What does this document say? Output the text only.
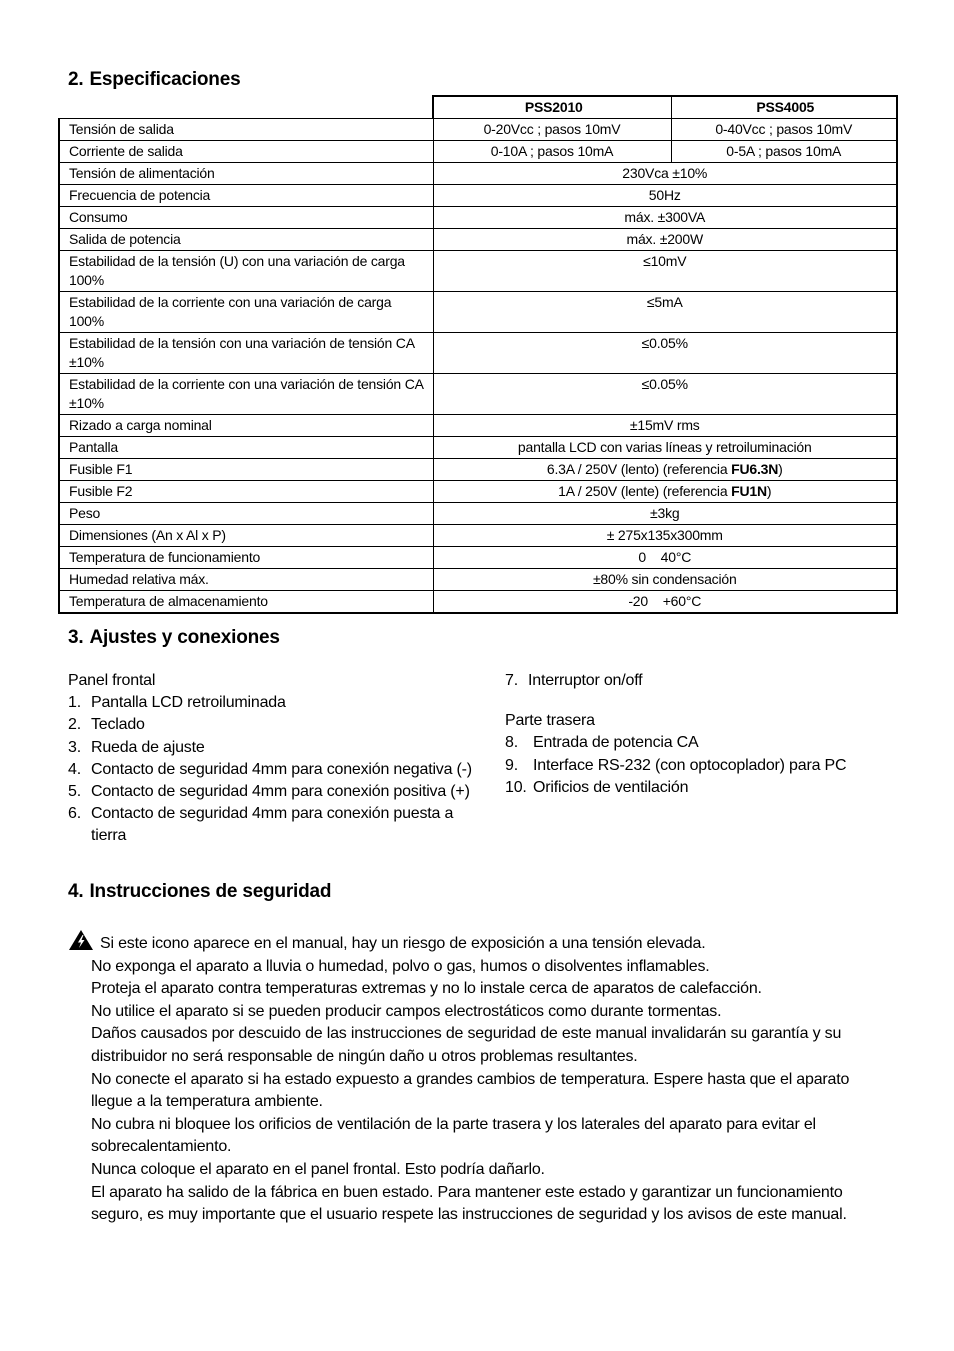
2. Especificaciones
	PSS2010	PSS4005
Tensión de salida	0-20Vcc ; pasos 10mV	0-40Vcc ; pasos 10mV
Corriente de salida	0-10A ; pasos 10mA	0-5A ; pasos 10mA
Tensión de alimentación	230Vca ±10%	
Frecuencia de potencia	50Hz	
Consumo	máx. ±300VA	
Salida de potencia	máx. ±200W	
Estabilidad de la tensión (U) con una variación de carga 100%	≤10mV	
Estabilidad de la corriente con una variación de carga 100%	≤5mA	
Estabilidad de la tensión con una variación de tensión CA ±10%	≤0.05%	
Estabilidad de la corriente con una variación de tensión CA ±10%	≤0.05%	
Rizado a carga nominal	±15mV rms	
Pantalla	pantalla LCD con varias líneas y retroiluminación	
Fusible F1	6.3A / 250V (lento) (referencia FU6.3N)	
Fusible F2	1A / 250V (lente) (referencia FU1N)	
Peso	±3kg	
Dimensiones (An x Al x P)	± 275x135x300mm	
Temperatura de funcionamiento	0    40°C	
Humedad relativa máx.	±80% sin condensación	
Temperatura de almacenamiento	-20    +60°C	
3. Ajustes y conexiones

Panel frontal

1. Pantalla LCD retroiluminada
2. Teclado
3. Rueda de ajuste
4. Contacto de seguridad 4mm para conexión negativa (-)
5. Contacto de seguridad 4mm para conexión positiva (+)
6. Contacto de seguridad 4mm para conexión puesta a tierra
7. Interruptor on/off

Parte trasera

8. Entrada de potencia CA
9. Interface RS-232 (con optocoplador) para PC
10. Orificios de ventilación
4. Instrucciones de seguridad

Si este icono aparece en el manual, hay un riesgo de exposición a una tensión elevada.

No exponga el aparato a lluvia o humedad, polvo o gas, humos o disolventes inflamables.

Proteja el aparato contra temperaturas extremas y no lo instale cerca de aparatos de calefacción.

No utilice el aparato si se pueden producir campos electrostáticos como durante tormentas.

Daños causados por descuido de las instrucciones de seguridad de este manual invalidarán su garantía y su distribuidor no será responsable de ningún daño u otros problemas resultantes.

No conecte el aparato si ha estado expuesto a grandes cambios de temperatura. Espere hasta que el aparato llegue a la temperatura ambiente.

No cubra ni bloquee los orificios de ventilación de la parte trasera y los laterales del aparato para evitar el sobrecalentamiento.

Nunca coloque el aparato en el panel frontal. Esto podría dañarlo.

El aparato ha salido de la fábrica en buen estado. Para mantener este estado y garantizar un funcionamiento seguro, es muy importante que el usuario respete las instrucciones de seguridad y los avisos de este manual.
